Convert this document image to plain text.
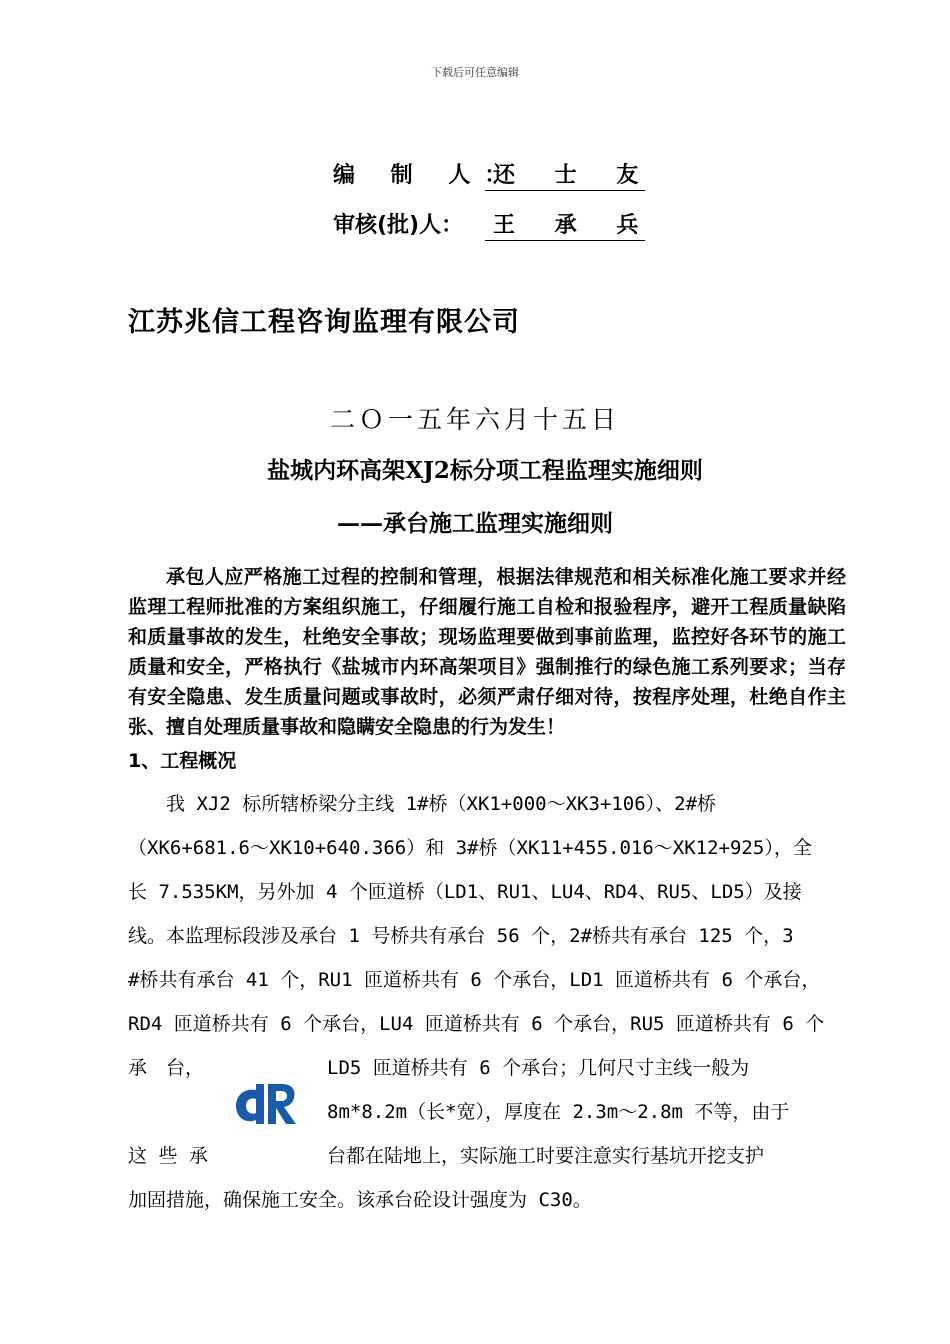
下载后可任意编辑
编 制 人：还 士 友
审核(批)人： 王 承 兵
江苏兆信工程咨询监理有限公司
二Ｏ一五年六月十五日
盐城内环高架XJ2标分项工程监理实施细则
——承台施工监理实施细则
承包人应严格施工过程的控制和管理，根据法律规范和相关标准化施工要求并经监理工程师批准的方案组织施工，仔细履行施工自检和报验程序，避开工程质量缺陷和质量事故的发生，杜绝安全事故；现场监理要做到事前监理，监控好各环节的施工质量和安全，严格执行《盐城市内环高架项目》强制推行的绿色施工系列要求；当存有安全隐患、发生质量问题或事故时，必须严肃仔细对待，按程序处理，杜绝自作主张、擅自处理质量事故和隐瞒安全隐患的行为发生！
1、工程概况
　　我 XJ2 标所辖桥梁分主线 1#桥（XK1+000～XK3+106）、2#桥
（XK6+681.6～XK10+640.366）和 3#桥（XK11+455.016～XK12+925），全
长 7.535KM，另外加 4 个匝道桥（LD1、RU1、LU4、RD4、RU5、LD5）及接
线。本监理标段涉及承台 1 号桥共有承台 56 个，2#桥共有承台 125 个，3
#桥共有承台 41 个，RU1 匝道桥共有 6 个承台，LD1 匝道桥共有 6 个承台，
RD4 匝道桥共有 6 个承台，LU4 匝道桥共有 6 个承台，RU5 匝道桥共有 6 个
承　台，	LD5 匝道桥共有 6 个承台；几何尺寸主线一般为
8m*8.2m（长*宽），厚度在 2.3m～2.8m 不等，由于
这 些 承	台都在陆地上，实际施工时要注意实行基坑开挖支护
加固措施，确保施工安全。该承台砼设计强度为 C30。
